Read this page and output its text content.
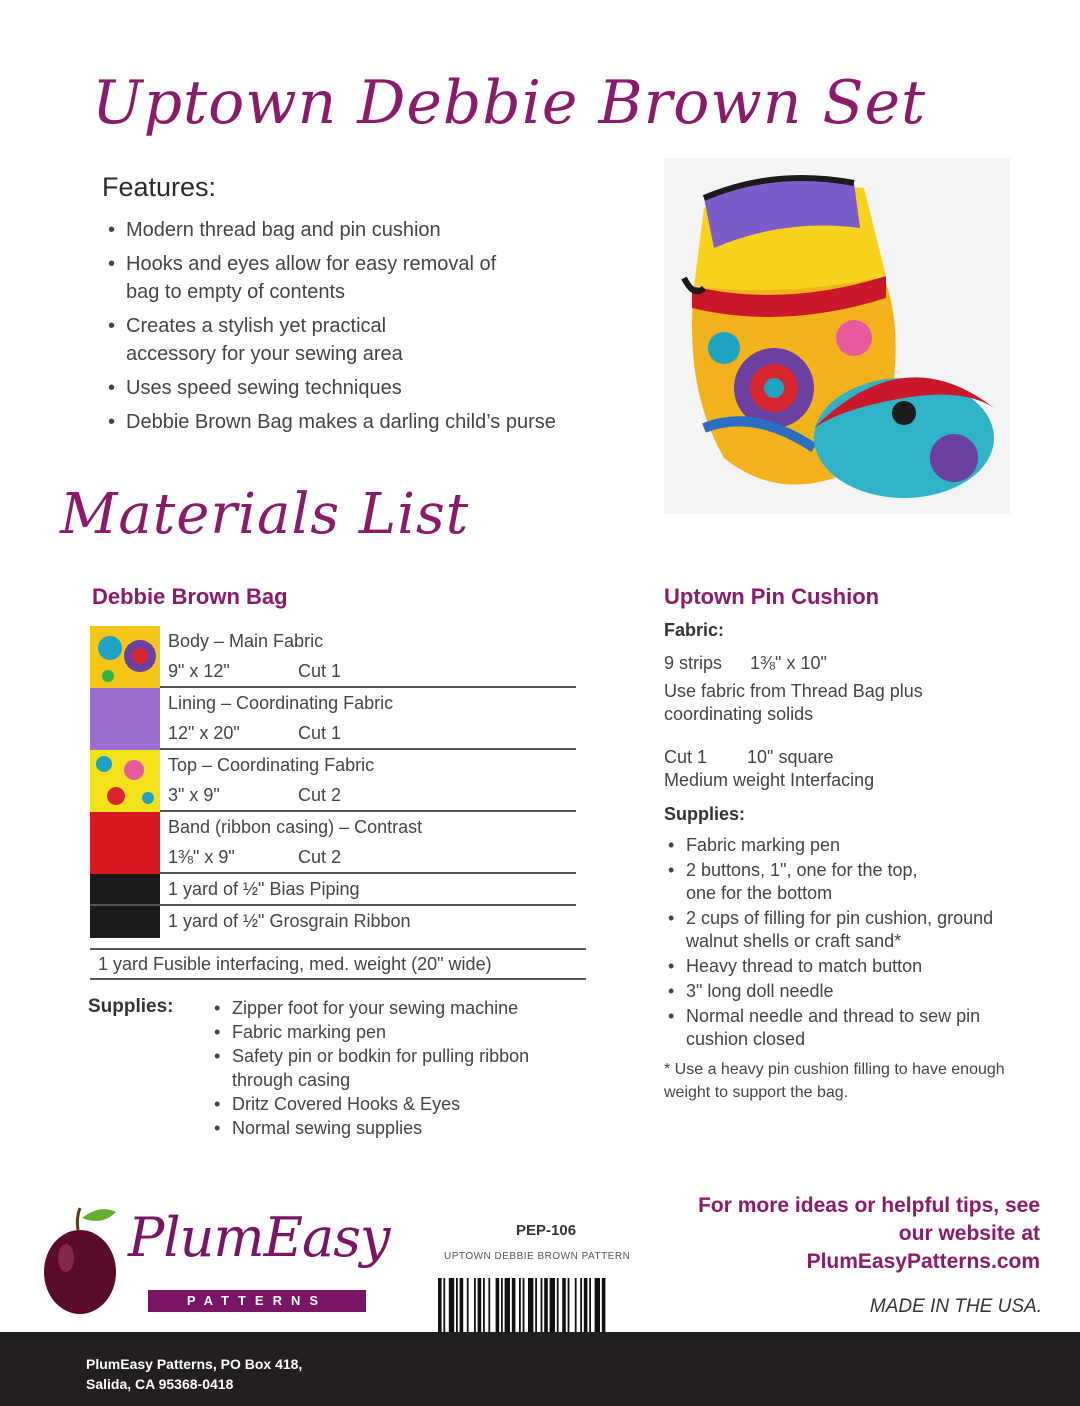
Uptown Debbie Brown Set
Features:
• Modern thread bag and pin cushion
• Hooks and eyes allow for easy removal of bag to empty of contents
• Creates a stylish yet practical accessory for your sewing area
• Uses speed sewing techniques
• Debbie Brown Bag makes a darling child’s purse
Materials List
Debbie Brown Bag
Body – Main Fabric
9" x 12"	Cut 1
Lining – Coordinating Fabric
12" x 20"	Cut 1
Top – Coordinating Fabric
3" x 9"	Cut 2
Band (ribbon casing) – Contrast
1⅜" x 9"	Cut 2
1 yard of ½" Bias Piping
1 yard of ½" Grosgrain Ribbon
1 yard Fusible interfacing, med. weight (20" wide)
Supplies:
•	Zipper foot for your sewing machine
• Fabric marking pen
• Safety pin or bodkin for pulling ribbon through casing
• Dritz Covered Hooks & Eyes
• Normal sewing supplies
Uptown Pin Cushion
Fabric:
9 strips 1⅜" x 10"
Use fabric from Thread Bag plus coordinating solids
Cut 1 10" square
Medium weight Interfacing
Supplies:
• Fabric marking pen
• 2 buttons, 1", one for the top, one for the bottom
• 2 cups of filling for pin cushion, ground walnut shells or craft sand*
• Heavy thread to match button
• 3" long doll needle
• Normal needle and thread to sew pin cushion closed
* Use a heavy pin cushion filling to have enough weight to support the bag.
PlumEasy
PATTERNS
PEP-106
UPTOWN DEBBIE BROWN PATTERN
For more ideas or helpful tips, see our website at PlumEasyPatterns.com
MADE IN THE USA.
PlumEasy Patterns, PO Box 418,
Salida, CA 95368-0418
